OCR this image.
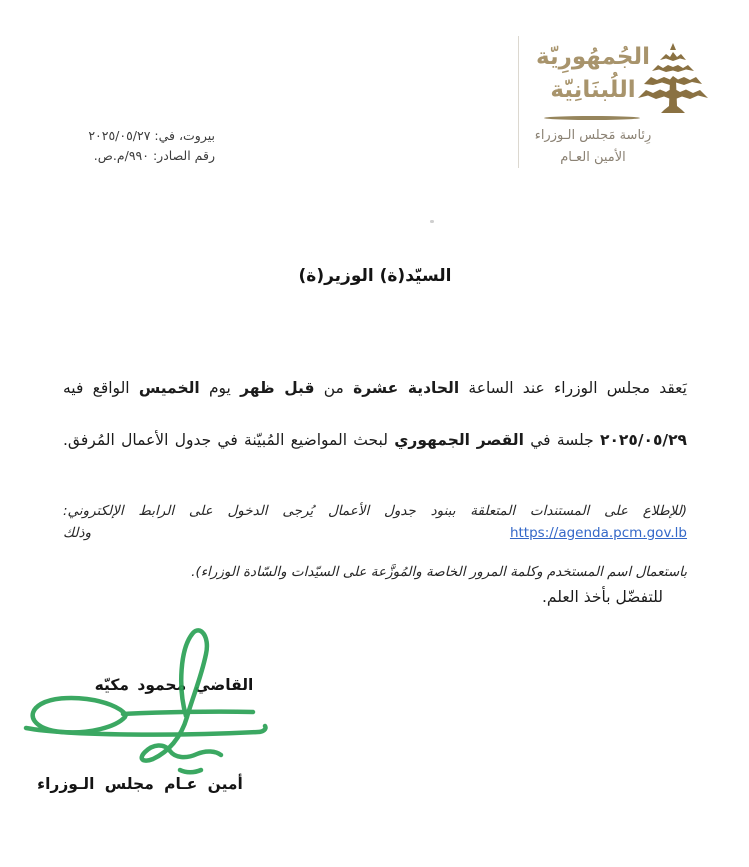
الجُمهُورِيّة
اللُبنَانِيّة
رِئاسة مَجلس الـوزراء
الأمين العـام
بيروت، في: ٢٠٢٥/٠٥/٢٧
رقم الصادر: ٩٩٠/م.ص.
السيّد(ة) الوزير(ة)
يَعقد مجلس الوزراء عند الساعة الحادية عشرة من قبل ظهر يوم الخميس الواقع فيه
٢٠٢٥/٠٥/٢٩ جلسة في القصر الجمهوري لبحث المواضيع المُبيّنة في جدول الأعمال المُرفق.
(للإطلاع على المستندات المتعلقة ببنود جدول الأعمال يُرجى الدخول على الرابط الإلكتروني: https://agenda.pcm.gov.lb وذلك
باستعمال اسم المستخدم وكلمة المرور الخاصة والمُوزَّعة على السيّدات والسّادة الوزراء).
للتفضّل بأخذ العلم.
القاضي محمود مكيّه
أمين عـام مجلس الـوزراء
